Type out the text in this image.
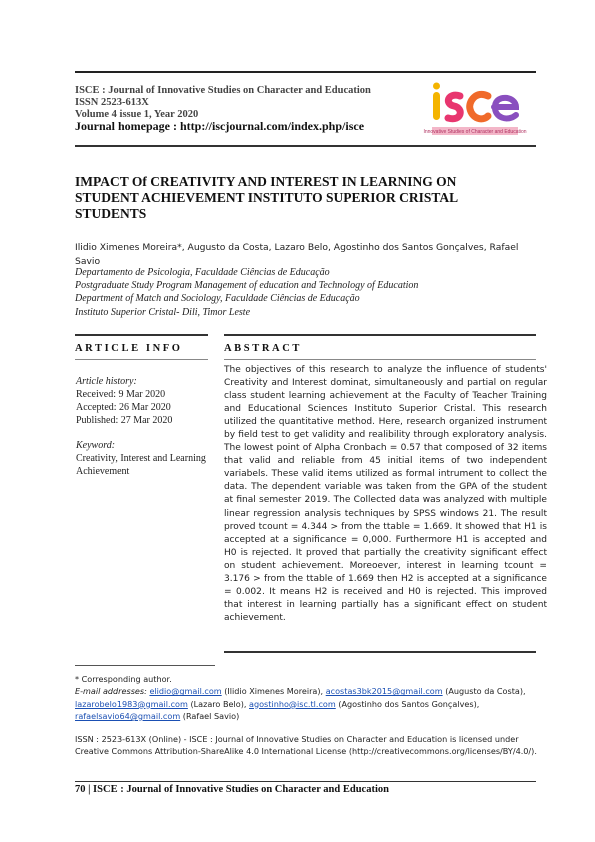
ISCE : Journal of Innovative Studies on Character and Education
ISSN 2523-613X
Volume 4 issue 1, Year 2020
Journal homepage : http://iscjournal.com/index.php/isce	Innovative Studies of Character and Education
IMPACT Of CREATIVITY AND INTEREST IN LEARNING ON STUDENT ACHIEVEMENT INSTITUTO SUPERIOR CRISTAL STUDENTS
Ilidio Ximenes Moreira*, Augusto da Costa, Lazaro Belo, Agostinho dos Santos Gonçalves, Rafael Savio
Departamento de Psicologia, Faculdade Ciências de Educação
Postgraduate Study Program Management of education and Technology of Education
Department of Match and Sociology, Faculdade Ciências de Educação
Instituto Superior Cristal- Dili, Timor Leste
ARTICLE INFO	ABSTRACT
Article history:
Received: 9 Mar 2020
Accepted: 26 Mar 2020
Published: 27 Mar 2020
Keyword:
Creativity, Interest and Learning Achievement
The objectives of this research to analyze the influence of students' Creativity and Interest dominat, simultaneously and partial on regular class student learning achievement at the Faculty of Teacher Training and Educational Sciences Instituto Superior Cristal. This research utilized the quantitative method. Here, research organized instrument by field test to get validity and realibility through exploratory analysis. The lowest point of Alpha Cronbach = 0.57 that composed of 32 items that valid and reliable from 45 initial items of two independent variabels. These valid items utilized as formal intrument to collect the data. The dependent variable was taken from the GPA of the student at final semester 2019. The Collected data was analyzed with multiple linear regression analysis techniques by SPSS windows 21. The result proved tcount = 4.344 > from the ttable = 1.669. It showed that H1 is accepted at a significance = 0,000. Furthermore H1 is accepted and H0 is rejected. It proved that partially the creativity significant effect on student achievement. Moreoever, interest in learning tcount = 3.176 > from the ttable of 1.669 then H2 is accepted at a significance = 0.002. It means H2 is received and H0 is rejected. This improved that interest in learning partially has a significant effect on student achievement.
* Corresponding author.
E-mail addresses: elidio@gmail.com (Ilidio Ximenes Moreira), acostas3bk2015@gmail.com (Augusto da Costa), lazarobelo1983@gmail.com (Lazaro Belo), agostinho@isc.tl.com (Agostinho dos Santos Gonçalves), rafaelsavio64@gmail.com (Rafael Savio)
ISSN : 2523-613X (Online) - ISCE : Journal of Innovative Studies on Character and Education is licensed under Creative Commons Attribution-ShareAlike 4.0 International License (http://creativecommons.org/licenses/BY/4.0/).
70 | ISCE : Journal of Innovative Studies on Character and Education
